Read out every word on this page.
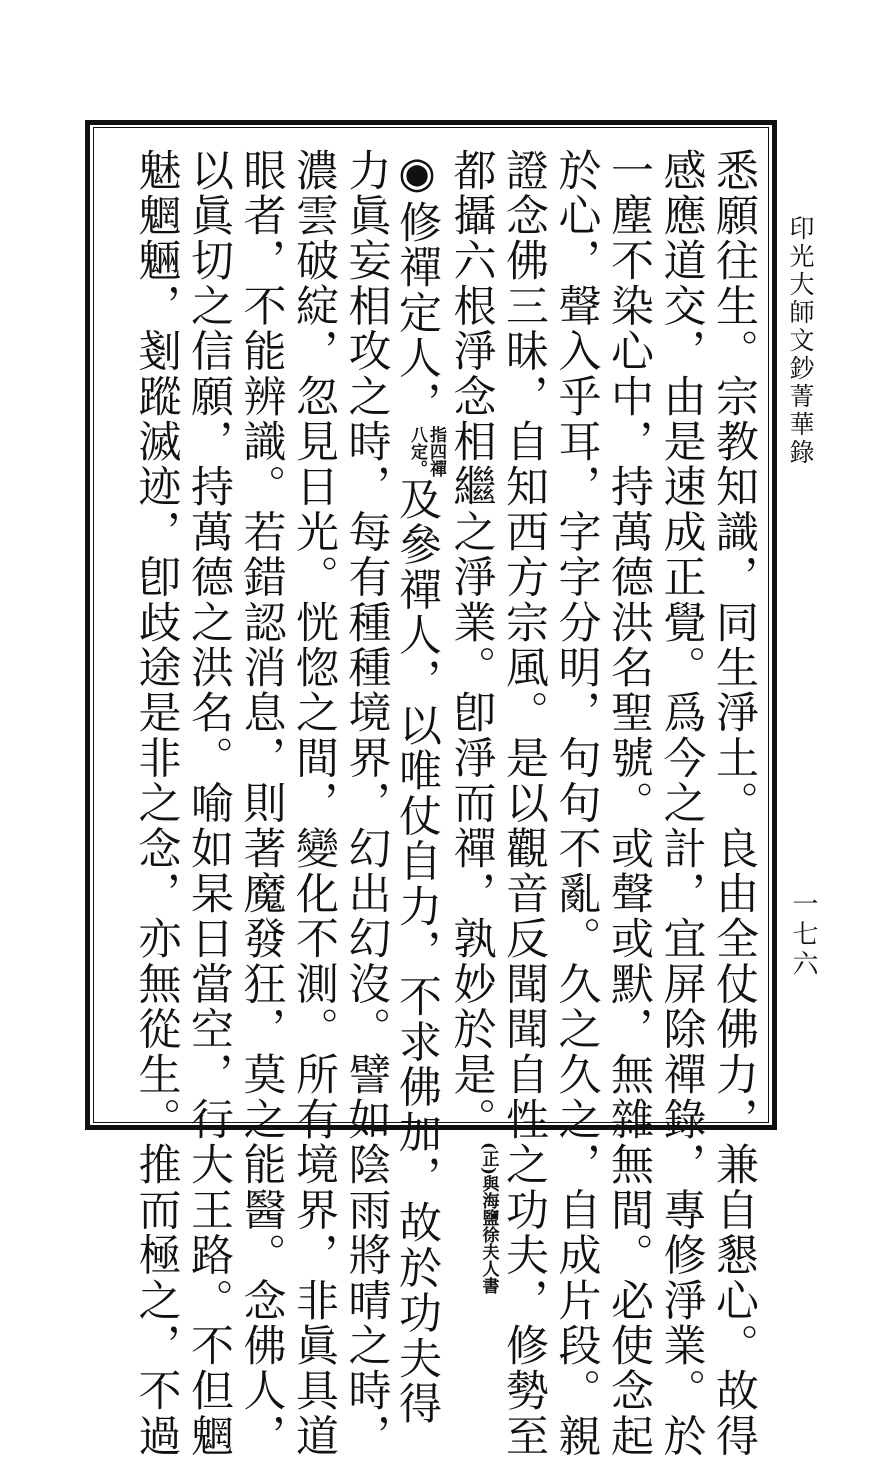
印光大師文鈔菁華錄
一七六
悉願往生。宗教知識，同生淨土。良由全仗佛力，兼自懇心。故得
感應道交，由是速成正覺。爲今之計，宜屏除禪錄，專修淨業。於
一塵不染心中，持萬德洪名聖號。或聲或默，無雜無間。必使念起
於心，聲入乎耳，字字分明，句句不亂。久之久之，自成片段。親
證念佛三昧，自知西方宗風。是以觀音反聞聞自性之功夫，修勢至
都攝六根淨念相繼之淨業。卽淨而禪，孰妙於是。(正)與海鹽徐夫人書
◉修禪定人，指四禪
八定。及參禪人，以唯仗自力，不求佛加，故於功夫得
力眞妄相攻之時，每有種種境界，幻出幻沒。譬如陰雨將晴之時，
濃雲破綻，忽見日光。恍惚之間，變化不測。所有境界，非眞具道
眼者，不能辨識。若錯認消息，則著魔發狂，莫之能醫。念佛人，
以眞切之信願，持萬德之洪名。喻如杲日當空，行大王路。不但魍
魅魍魎，剗蹤滅迹，卽歧途是非之念，亦無從生。推而極之，不過
